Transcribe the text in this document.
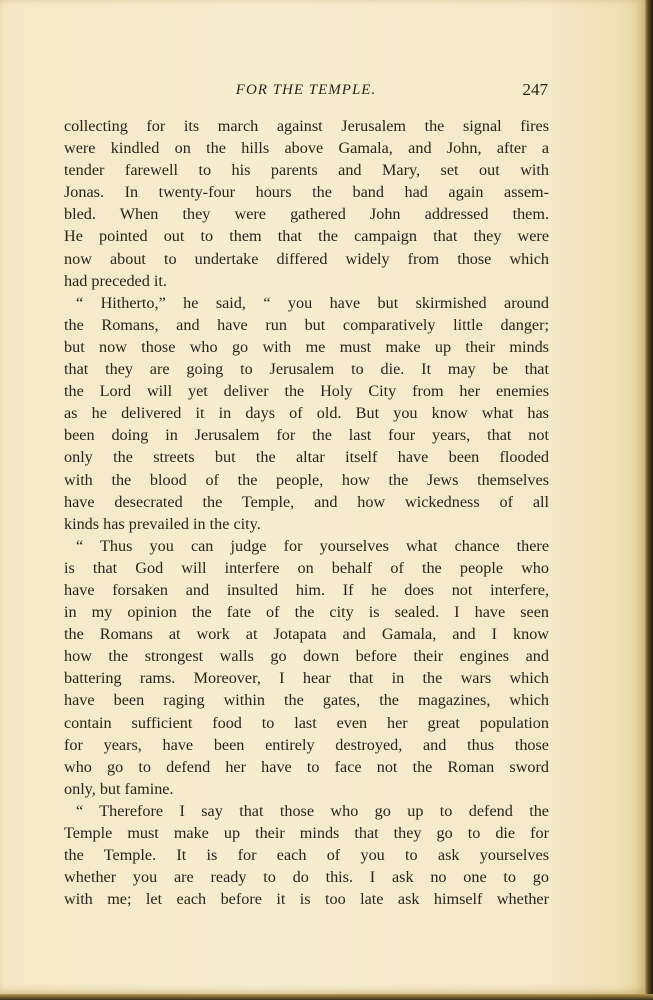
FOR THE TEMPLE.	247
collecting for its march against Jerusalem the signal fires
were kindled on the hills above Gamala, and John, after a
tender farewell to his parents and Mary, set out with
Jonas. In twenty-four hours the band had again assem-
bled. When they were gathered John addressed them.
He pointed out to them that the campaign that they were
now about to undertake differed widely from those which
had preceded it.
“ Hitherto,” he said, “ you have but skirmished around
the Romans, and have run but comparatively little danger;
but now those who go with me must make up their minds
that they are going to Jerusalem to die. It may be that
the Lord will yet deliver the Holy City from her enemies
as he delivered it in days of old. But you know what has
been doing in Jerusalem for the last four years, that not
only the streets but the altar itself have been flooded
with the blood of the people, how the Jews themselves
have desecrated the Temple, and how wickedness of all
kinds has prevailed in the city.
“ Thus you can judge for yourselves what chance there
is that God will interfere on behalf of the people who
have forsaken and insulted him. If he does not interfere,
in my opinion the fate of the city is sealed. I have seen
the Romans at work at Jotapata and Gamala, and I know
how the strongest walls go down before their engines and
battering rams. Moreover, I hear that in the wars which
have been raging within the gates, the magazines, which
contain sufficient food to last even her great population
for years, have been entirely destroyed, and thus those
who go to defend her have to face not the Roman sword
only, but famine.
“ Therefore I say that those who go up to defend the
Temple must make up their minds that they go to die for
the Temple. It is for each of you to ask yourselves
whether you are ready to do this. I ask no one to go
with me; let each before it is too late ask himself whether
